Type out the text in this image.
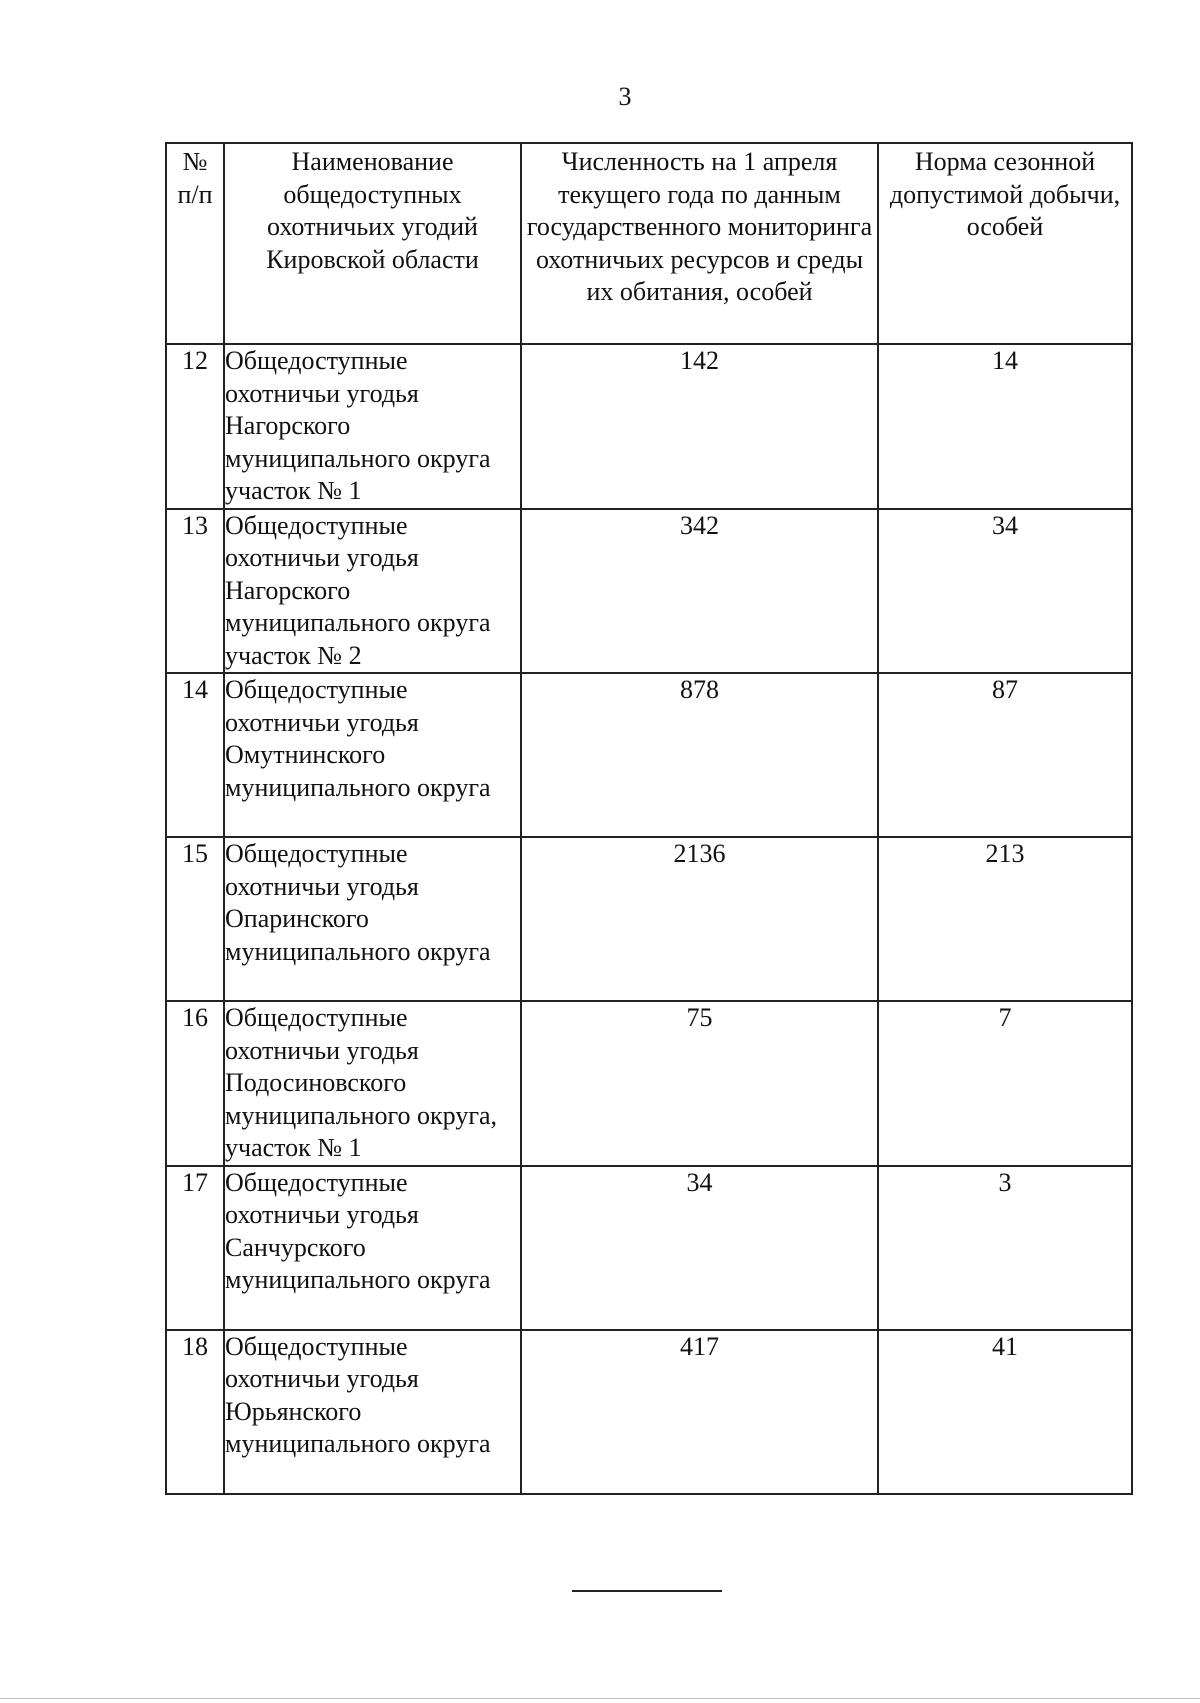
3
№ п/п	Наименование общедоступных охотничьих угодий Кировской области	Численность на 1 апреля текущего года по данным государственного мониторинга охотничьих ресурсов и среды их обитания, особей	Норма сезонной допустимой добычи, особей
12	Общедоступные охотничьи угодья Нагорского муниципального округа участок № 1	142	14
13	Общедоступные охотничьи угодья Нагорского муниципального округа участок № 2	342	34
14	Общедоступные охотничьи угодья Омутнинского муниципального округа	878	87
15	Общедоступные охотничьи угодья Опаринского муниципального округа	2136	213
16	Общедоступные охотничьи угодья Подосиновского муниципального округа, участок № 1	75	7
17	Общедоступные охотничьи угодья Санчурского муниципального округа	34	3
18	Общедоступные охотничьи угодья Юрьянского муниципального округа	417	41
